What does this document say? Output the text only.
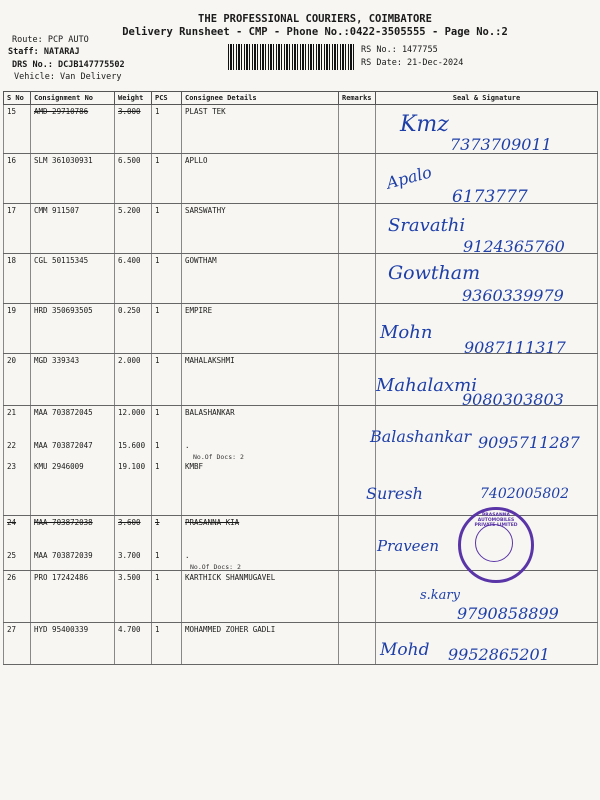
THE PROFESSIONAL COURIERS, COIMBATORE
Delivery Runsheet - CMP - Phone No.:0422-3505555 - Page No.:2
Route: PCP AUTO
Staff: NATARAJ
DRS No.: DCJB147775502
Vehicle: Van Delivery
RS No.: 1477755
RS Date: 21-Dec-2024
S No	Consignment No	Weight	PCS	Consignee Details	Remarks	Seal & Signature
15	AMD 29710786	3.000	1	PLAST TEK		
16	SLM 361030931	6.500	1	APLLO		
17	CMM 911507	5.200	1	SARSWATHY		
18	CGL 50115345	6.400	1	GOWTHAM		
19	HRD 350693505	0.250	1	EMPIRE		
20	MGD 339343	2.000	1	MAHALAKSHMI		
21	MAA 703872045	12.000	1	BALASHANKAR		
22	MAA 703872047	15.600	1	.		
23	KMU 2946009	19.100	1	KMBF		
24	MAA 703872038	3.600	1	PRASANNA KIA		
25	MAA 703872039	3.700	1	.		
26	PRO 17242486	3.500	1	KARTHICK SHANMUGAVEL		
27	HYD 95400339	4.700	1	MOHAMMED ZOHER GADLI		
No.Of Docs: 2
No.Of Docs: 2
Kmz
7373709011
Apalo
6173777
Sravathi
9124365760
Gowtham
9360339979
Mohn
9087111317
Mahalaxmi
9080303803
Balashankar 9095711287
Suresh	7402005802
Praveen
s.kary
9790858899
Mohd 9952865201
PRASANNA AUTOMOBILES PRIVATE LIMITED
